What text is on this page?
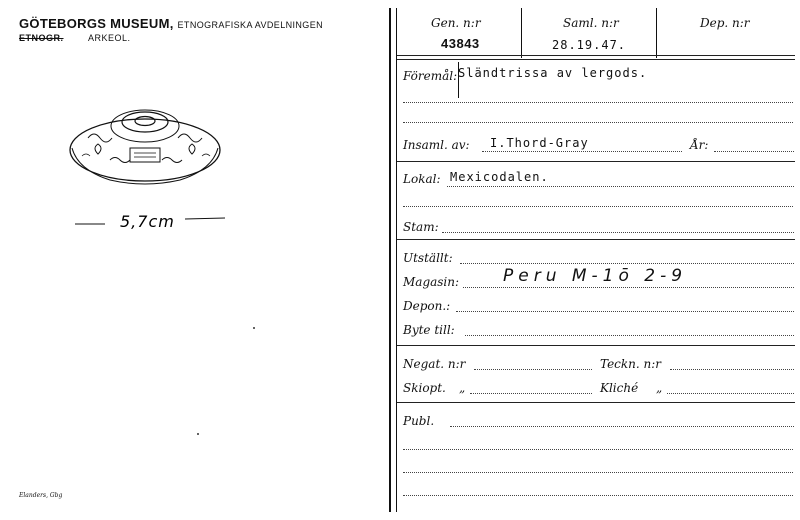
GÖTEBORGS MUSEUM, ETNOGRAFISKA AVDELNINGEN
ETNOGR.	ARKEOL.
5,7cm
Elanders, Gbg
Gen. n:r
43843
Saml. n:r
28.19.47.
Dep. n:r
Föremål: Sländtrissa av lergods.
Insaml. av: I.Thord-Gray	År:
Lokal: Mexicodalen.
Stam:
Utställt:
Magasin:	Peru M-1ō 2-9
Depon.:
Byte till:
Negat. n:r	Teckn. n:r
Skiopt. „	Kliché „
Publ.
